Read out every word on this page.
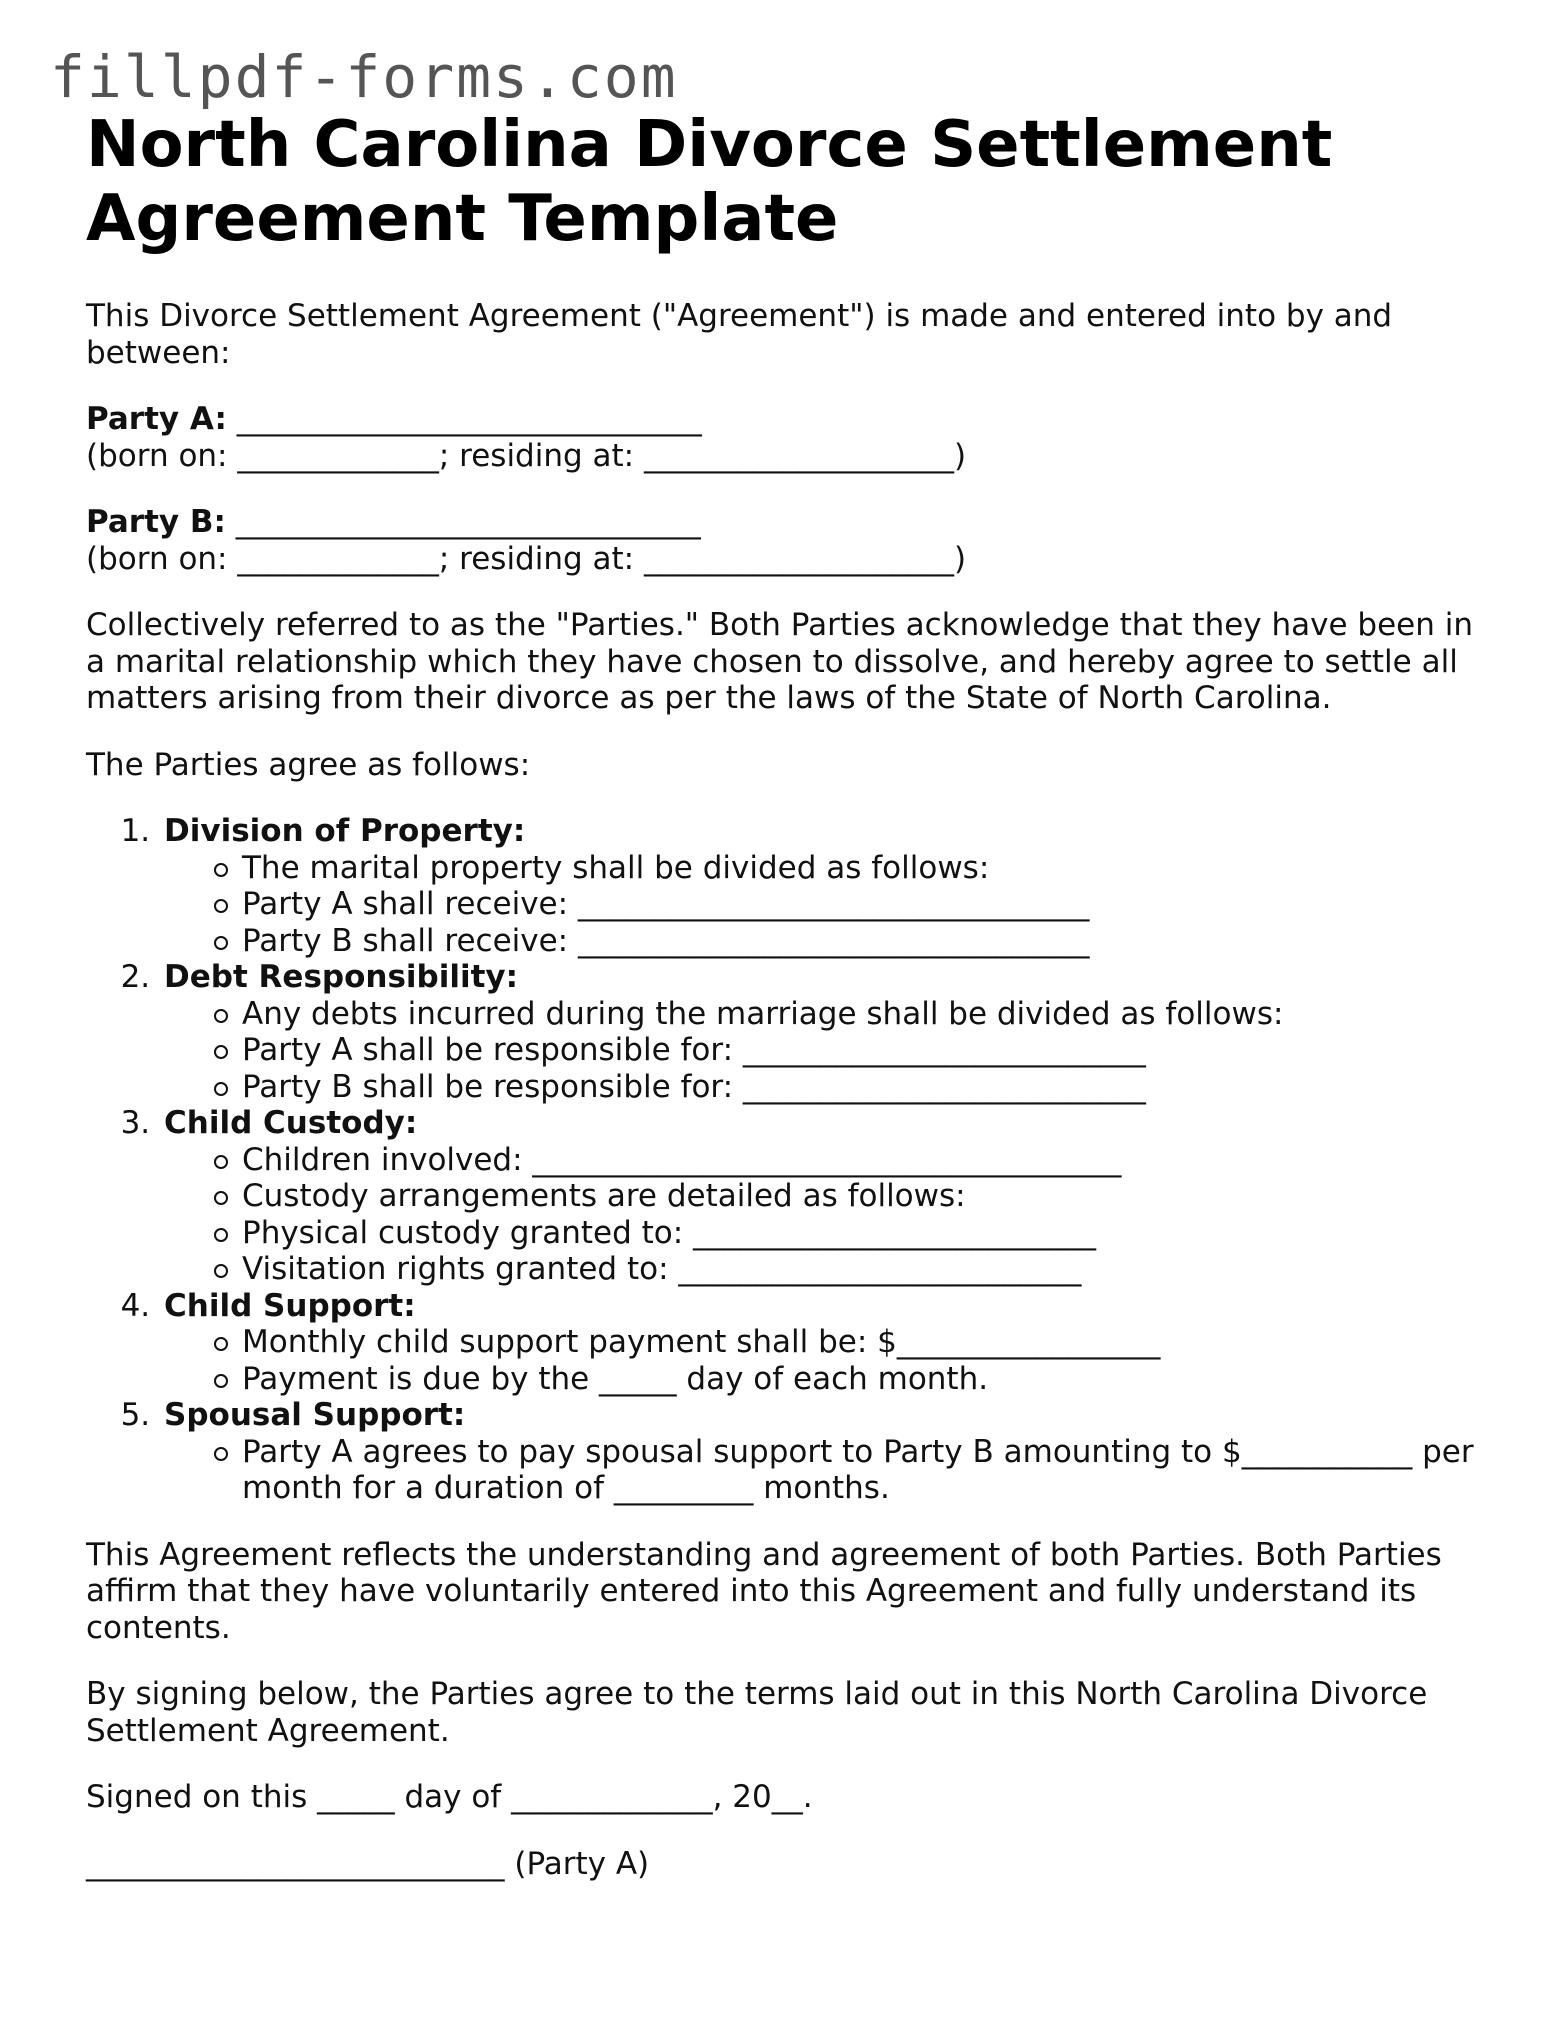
fillpdf-forms.com
North Carolina Divorce Settlement
Agreement Template

This Divorce Settlement Agreement ("Agreement") is made and entered into by and between:

Party A: ______________________________
(born on: _____________; residing at: ____________________)
Party B: ______________________________
(born on: _____________; residing at: ____________________)

Collectively referred to as the "Parties." Both Parties acknowledge that they have been in a marital relationship which they have chosen to dissolve, and hereby agree to settle all matters arising from their divorce as per the laws of the State of North Carolina.

The Parties agree as follows:

1. Division of Property:
The marital property shall be divided as follows:
Party A shall receive: _________________________________
Party B shall receive: _________________________________
2. Debt Responsibility:
Any debts incurred during the marriage shall be divided as follows:
Party A shall be responsible for: __________________________
Party B shall be responsible for: __________________________
3. Child Custody:
Children involved: ______________________________________
Custody arrangements are detailed as follows:
Physical custody granted to: __________________________
Visitation rights granted to: __________________________
4. Child Support:
Monthly child support payment shall be: $_________________
Payment is due by the _____ day of each month.
5. Spousal Support:
Party A agrees to pay spousal support to Party B amounting to $___________ per month for a duration of _________ months.

This Agreement reflects the understanding and agreement of both Parties. Both Parties affirm that they have voluntarily entered into this Agreement and fully understand its contents.

By signing below, the Parties agree to the terms laid out in this North Carolina Divorce Settlement Agreement.

Signed on this _____ day of _____________, 20__.

___________________________ (Party A)
